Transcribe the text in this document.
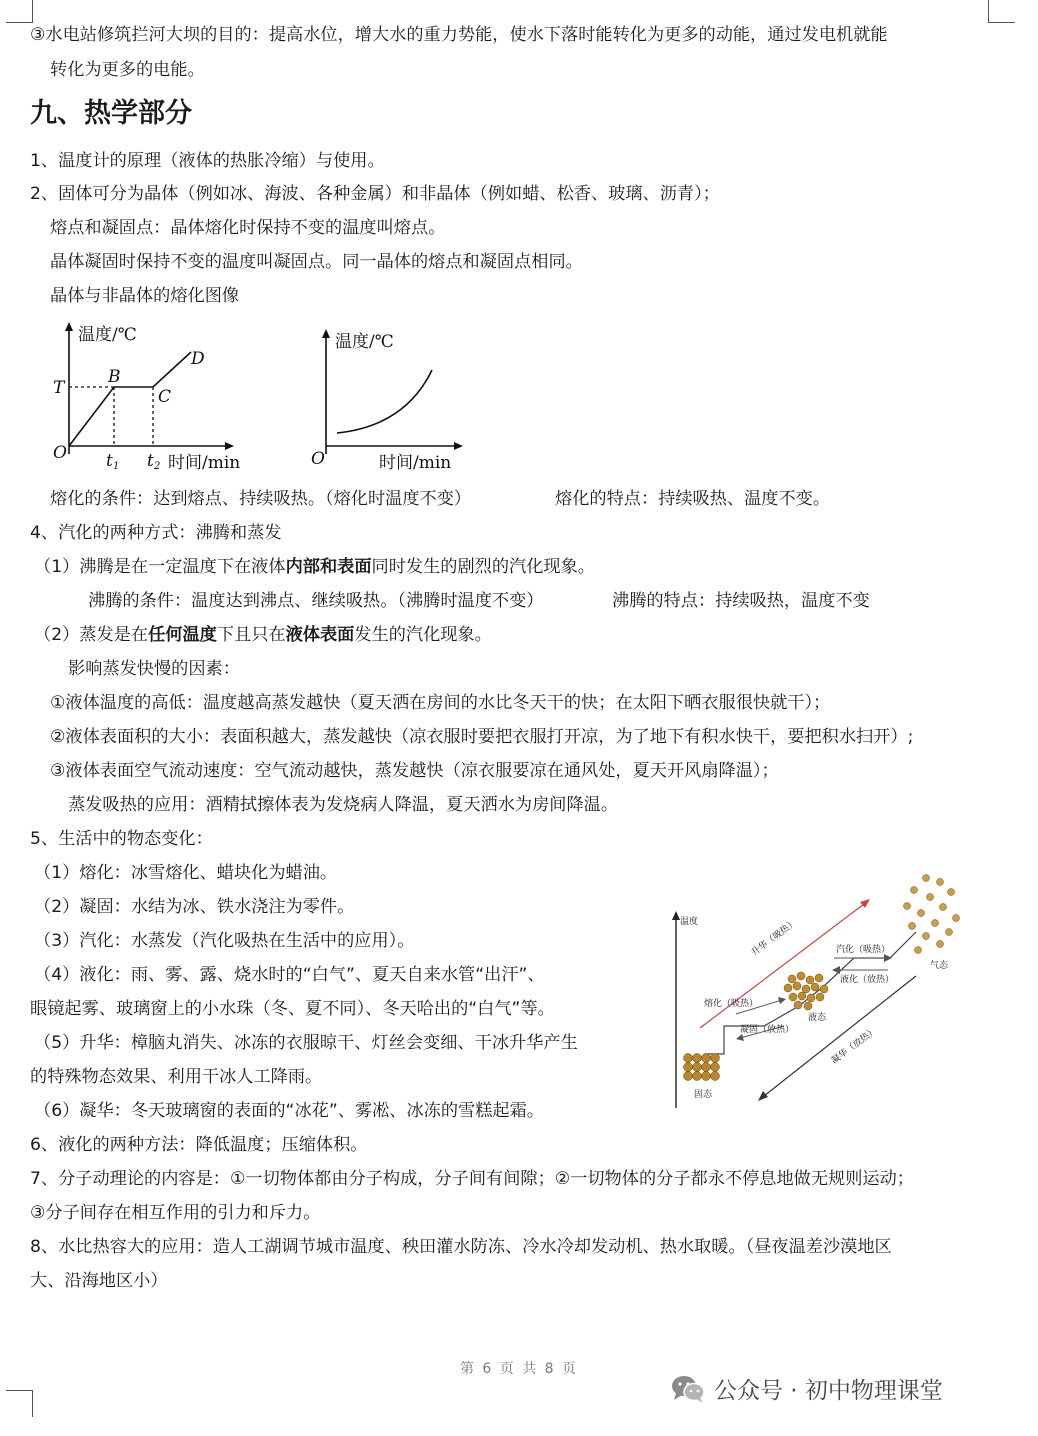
③水电站修筑拦河大坝的目的：提高水位，增大水的重力势能，使水下落时能转化为更多的动能，通过发电机就能
转化为更多的电能。
九、热学部分
1、温度计的原理（液体的热胀冷缩）与使用。
2、固体可分为晶体（例如冰、海波、各种金属）和非晶体（例如蜡、松香、玻璃、沥青）；
熔点和凝固点：晶体熔化时保持不变的温度叫熔点。
晶体凝固时保持不变的温度叫凝固点。同一晶体的熔点和凝固点相同。
晶体与非晶体的熔化图像
温度/℃
时间/min
O
T
B
C
D
t 1 t 2
温度/℃
时间/min
O
熔化的条件：达到熔点、持续吸热。（熔化时温度不变）	熔化的特点：持续吸热、温度不变。
4、汽化的两种方式：沸腾和蒸发
（1）沸腾是在一定温度下在液体内部和表面同时发生的剧烈的汽化现象。
沸腾的条件：温度达到沸点、继续吸热。（沸腾时温度不变）	沸腾的特点：持续吸热，温度不变
（2）蒸发是在任何温度下且只在液体表面发生的汽化现象。
影响蒸发快慢的因素：
①液体温度的高低：温度越高蒸发越快（夏天洒在房间的水比冬天干的快；在太阳下晒衣服很快就干）；
②液体表面积的大小：表面积越大，蒸发越快（凉衣服时要把衣服打开凉，为了地下有积水快干，要把积水扫开）;
③液体表面空气流动速度：空气流动越快，蒸发越快（凉衣服要凉在通风处，夏天开风扇降温）；
蒸发吸热的应用：酒精拭擦体表为发烧病人降温，夏天洒水为房间降温。
5、生活中的物态变化：
（1）熔化：冰雪熔化、蜡块化为蜡油。
（2）凝固：水结为冰、铁水浇注为零件。
（3）汽化：水蒸发（汽化吸热在生活中的应用）。
（4）液化：雨、雾、露、烧水时的“白气”、夏天自来水管“出汗”、
眼镜起雾、玻璃窗上的小水珠（冬、夏不同）、冬天哈出的“白气”等。
（5）升华：樟脑丸消失、冰冻的衣服晾干、灯丝会变细、干冰升华产生
的特殊物态效果、利用干冰人工降雨。
（6）凝华：冬天玻璃窗的表面的“冰花”、雾凇、冰冻的雪糕起霜。
温度	升华（吸热）
凝华（放热）
熔化（吸热）
凝固（放热）
汽化（吸热）
液化（放热）
固态
液态
气态
6、液化的两种方法：降低温度；压缩体积。
7、分子动理论的内容是：①一切物体都由分子构成，分子间有间隙；②一切物体的分子都永不停息地做无规则运动；
③分子间存在相互作用的引力和斥力。
8、水比热容大的应用：造人工湖调节城市温度、秧田灌水防冻、冷水冷却发动机、热水取暖。（昼夜温差沙漠地区
大、沿海地区小）
第 6 页 共 8 页
公众号 · 初中物理课堂
